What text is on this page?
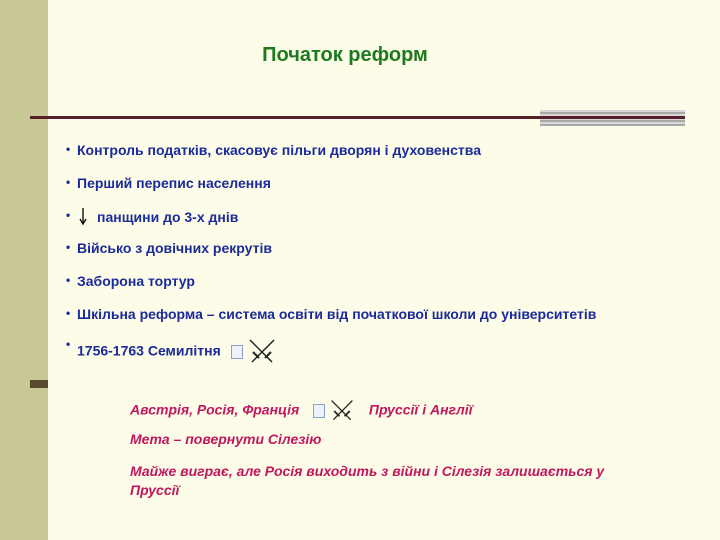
Початок реформ
• Контроль податків, скасовує пільги дворян і духовенства
• Перший перепис населення
• панщини до 3-х днів
• Військо з довічних рекрутів
• Заборона тортур
• Шкільна реформа – система освіти від початкової школи до університетів
• 1756-1763 Семилітня

Австрія, Росія, Франція	Пруссії і Англії

Мета – повернути Сілезію

Майже виграє, але Росія виходить з війни і Сілезія залишається у Пруссії
